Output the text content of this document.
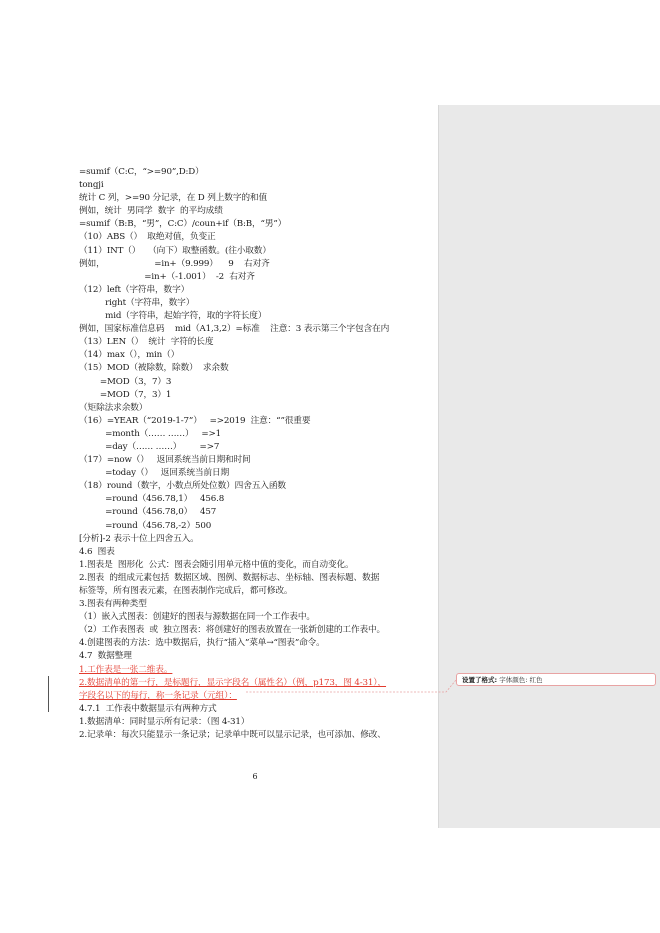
=sumif（C:C，“>=90”,D:D）
tongji
统计 C 列，>=90 分记录，在 D 列上数字的和值
例如，统计  男同学  数字  的平均成绩
=sumif（B:B，“男”，C:C）/coun+if（B:B，“男”）
（10）ABS（）  取绝对值，负变正
（11）INT（）   （向下）取整函数。(往小取数）
例如，                   =in+（9.999）    9    右对齐
=in+（-1.001）  -2  右对齐
（12）left（字符串，数字）
right（字符串，数字）
mid（字符串，起始字符，取的字符长度）
例如，国家标准信息码    mid（A1,3,2）=标准    注意：3 表示第三个字包含在内
（13）LEN（）  统计  字符的长度
（14）max（），min（）
（15）MOD（被除数，除数）  求余数
=MOD（3，7）3
=MOD（7，3）1
（矩除法求余数）
（16）=YEAR（“2019-1-7”）   =>2019  注意：“”很重要
=month（…… ……）   =>1
=day（…… ……）       =>7
（17）=now（）   返回系统当前日期和时间
=today（）   返回系统当前日期
（18）round（数字，小数点所处位数）四舍五入函数
=round（456.78,1）   456.8
=round（456.78,0）   457
=round（456.78,-2）500
[分析]-2 表示十位上四舍五入。
4.6  图表
1.图表是  图形化  公式：图表会随引用单元格中值的变化，而自动变化。
2.图表  的组成元素包括  数据区域、图例、数据标志、坐标轴、图表标题、数据
标签等，所有图表元素，在图表制作完成后，都可修改。
3.图表有两种类型
（1）嵌入式图表：创建好的图表与源数据在同一个工作表中。
（2）工作表图表  或  独立图表：将创建好的图表放置在一张新创建的工作表中。
4.创建图表的方法：选中数据后，执行“插入”菜单→“图表”命令。
4.7  数据整理
1.工作表是一张二维表。
2.数据清单的第一行，是标题行，显示字段名（属性名）（例，p173，图 4-31），
字段名以下的每行，称一条记录（元组）：
4.7.1  工作表中数据显示有两种方式
1.数据清单：同时显示所有记录：（图 4-31）
2.记录单：每次只能显示一条记录；记录单中既可以显示记录，也可添加、修改、
设置了格式: 字体颜色: 红色
6
